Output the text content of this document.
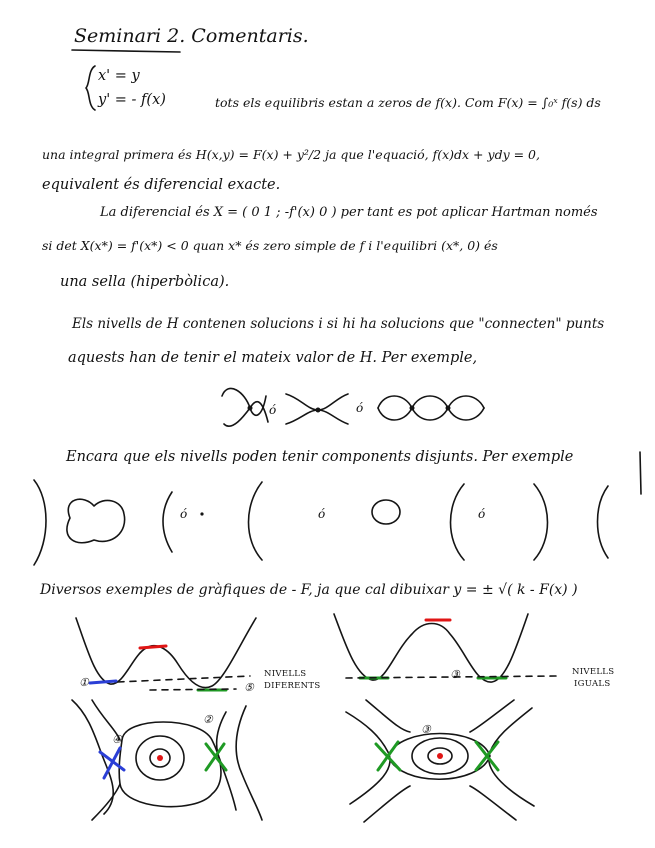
Seminari 2. Comentaris.
x' = y
y' = - f(x)	tots els equilibris estan a zeros de f(x). Com F(x) = ∫₀ˣ f(s) ds
una integral primera és H(x,y) = F(x) + y²/2 ja que l'equació, f(x)dx + ydy = 0,
equivalent és diferencial exacte.
La diferencial és X = ( 0 1 ; -f'(x) 0 ) per tant es pot aplicar Hartman només
si det X(x*) = f'(x*) < 0 quan x* és zero simple de f i l'equilibri (x*, 0) és
una sella (hiperbòlica).
Els nivells de H contenen solucions i si hi ha solucions que "connecten" punts
aquests han de tenir el mateix valor de H. Per exemple,
Encara que els nivells poden tenir components disjunts. Per exemple
Diversos exemples de gràfiques de - F, ja que cal dibuixar y = ± √( k - F(x) )
ó	ó
ó	ó	ó
NIVELLS
DIFERENTS
NIVELLS
IGUALS
①	⑤
③
②
④
③
